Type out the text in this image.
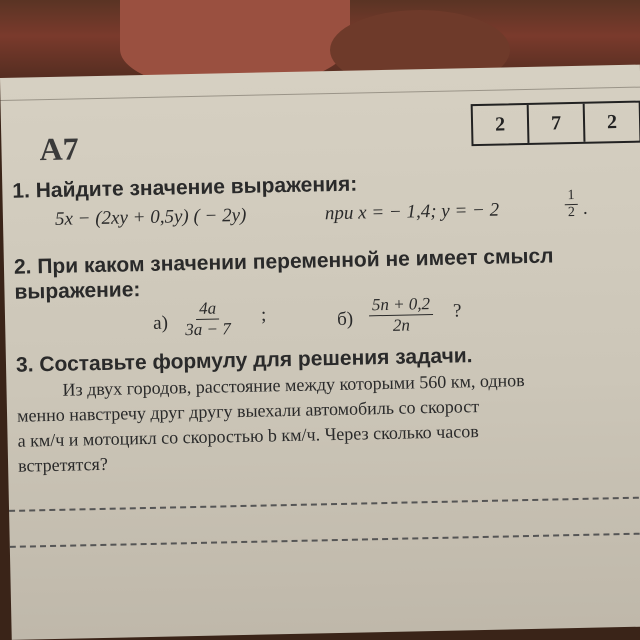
A7
2	7	2
1. Найдите значение выражения:
5x − (2xy + 0,5y) ( − 2y)	при x = − 1,4; y = − 2	$\frac{1}{2}$ .
2. При каком значении переменной не имеет смысл
выражение:
$а) \frac{4a}{3a - 7}$ ;	$б) \frac{5n + 0,2}{2n}$ ?
3. Составьте формулу для решения задачи.
Из двух городов, расстояние между которыми 560 км, однов
менно навстречу друг другу выехали автомобиль со скорост
a км/ч и мотоцикл со скоростью b км/ч. Через сколько часов
встретятся?
